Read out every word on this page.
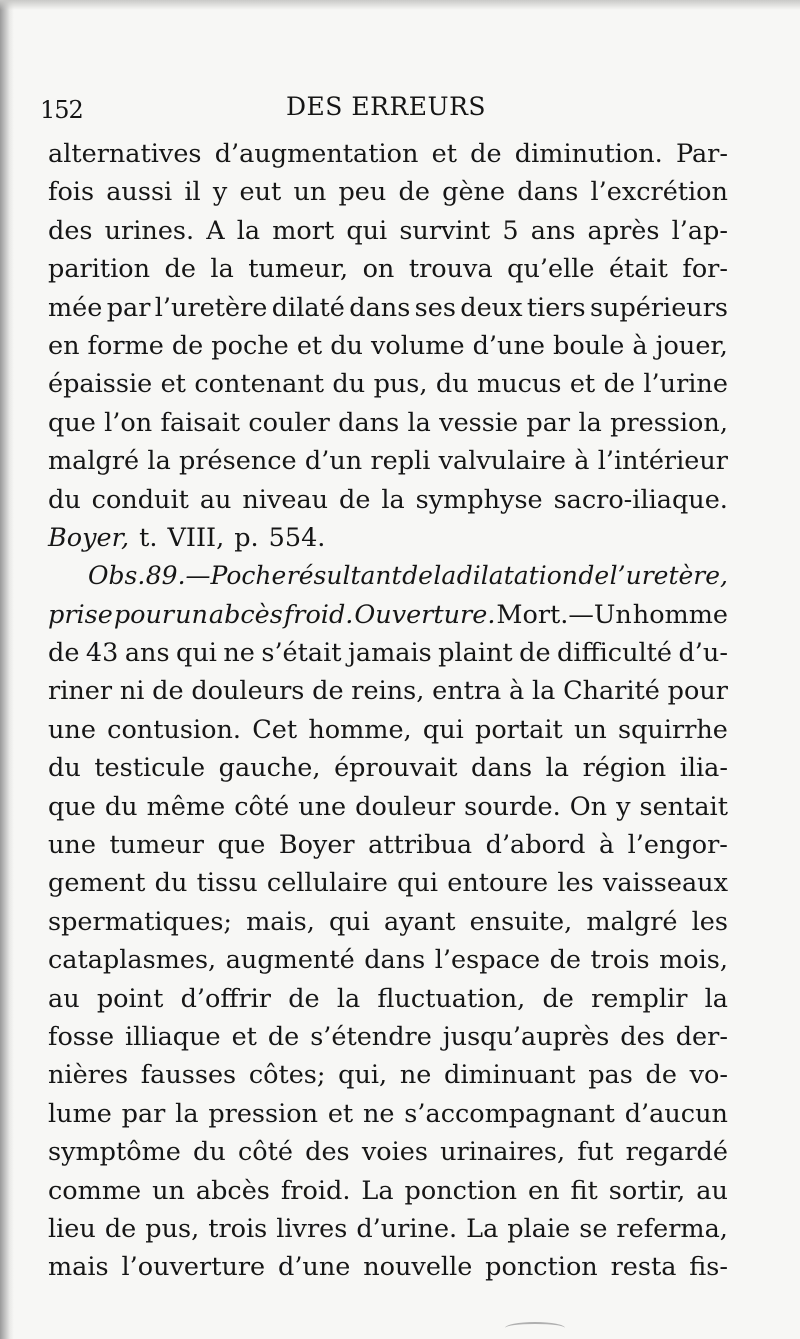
152	DES ERREURS
alternatives d’augmentation et de diminution. Par-
fois aussi il y eut un peu de gène dans l’excrétion
des urines. A la mort qui survint 5 ans après l’ap-
parition de la tumeur, on trouva qu’elle était for-
mée par l’uretère dilaté dans ses deux tiers supérieurs
en forme de poche et du volume d’une boule à jouer,
épaissie et contenant du pus, du mucus et de l’urine
que l’on faisait couler dans la vessie par la pression,
malgré la présence d’un repli valvulaire à l’intérieur
du conduit au niveau de la symphyse sacro-iliaque.
Boyer, t. VIII, p. 554.
Obs. 89.—Poche résultant de la dilatation de l’uretère,
prise pour un abcès froid. Ouverture. Mort.—Un homme
de 43 ans qui ne s’était jamais plaint de difficulté d’u-
riner ni de douleurs de reins, entra à la Charité pour
une contusion. Cet homme, qui portait un squirrhe
du testicule gauche, éprouvait dans la région ilia-
que du même côté une douleur sourde. On y sentait
une tumeur que Boyer attribua d’abord à l’engor-
gement du tissu cellulaire qui entoure les vaisseaux
spermatiques; mais, qui ayant ensuite, malgré les
cataplasmes, augmenté dans l’espace de trois mois,
au point d’offrir de la fluctuation, de remplir la
fosse illiaque et de s’étendre jusqu’auprès des der-
nières fausses côtes; qui, ne diminuant pas de vo-
lume par la pression et ne s’accompagnant d’aucun
symptôme du côté des voies urinaires, fut regardé
comme un abcès froid. La ponction en fit sortir, au
lieu de pus, trois livres d’urine. La plaie se referma,
mais l’ouverture d’une nouvelle ponction resta fis-
